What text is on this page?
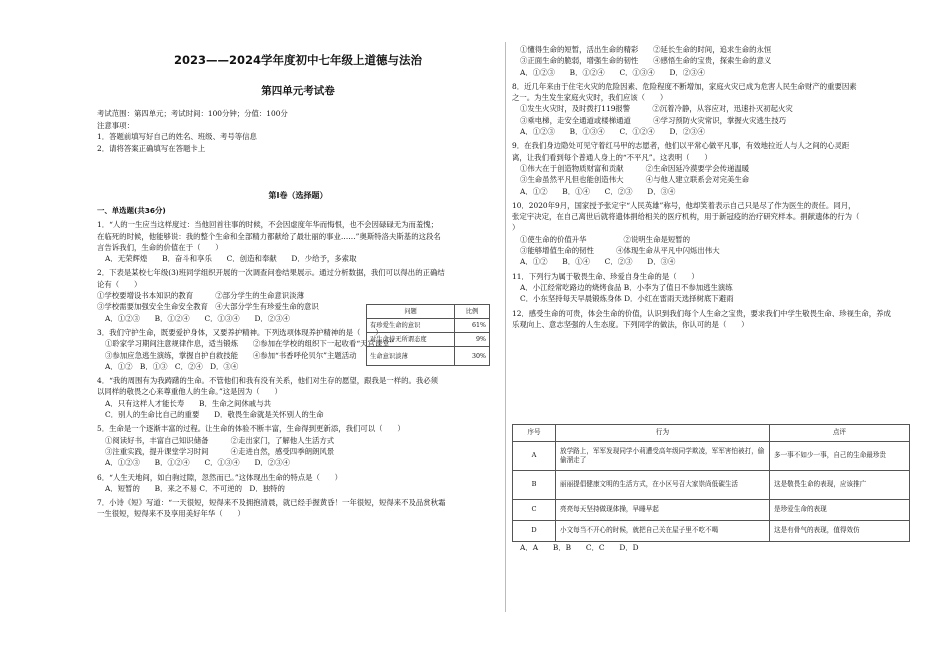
2023——2024学年度初中七年级上道德与法治
第四单元考试卷

考试范围：第四单元；考试时间：100分钟；分值：100分

注意事项：

1．答题前填写好自己的姓名、班级、考号等信息

2．请将答案正确填写在答题卡上

第I卷（选择题）

一、单选题(共36分)

1．“人的一生应当这样度过：当他回首往事的时候，不会因虚度年华而悔恨，也不会因碌碌无为而羞愧；

在临死的时候，他能够说：我的整个生命和全部精力都献给了最壮丽的事业……”奥斯特洛夫斯基的这段名

言告诉我们，生命的价值在于（　　）

A．无荣辉煌　　B．奋斗和享乐　　C．创造和奉献　　D．少给予，多索取

2．下表是某校七年级(3)班同学组织开展的一次调查问卷结果展示。通过分析数据，我们可以得出的正确结

论有（　　）

①学校要增设书本知识的教育　　　	②部分学生的生命意识淡薄

③学校需要加强安全生命安全教育　 ④大部分学生有珍爱生命的意识

A．①②③　　B．①②④　　C．①③④　　D．②③④

3．我们守护生命，既要爱护身体，又要养护精神。下列选项体现养护精神的是（　　）

①聆家学习期间注意规律作息，适当锻炼　　 ②参加在学校的组织下一起收看“天宫课堂”

③参加应急逃生演练，掌握自护自救技能　　 ④参加“书香呼伦贝尔”主题活动

A．①②　B．①③　C．②④　D．③④

4．“我的周围有为我踌躇的生命。不管他们和我有没有关系，他们对生存的愿望，跟我是一样的。我必须

以同样的敬畏之心来尊重他人的生命。”这是因为（　　）

A．只有这样人才能长寿　　B．生命之间休戚与共

C．别人的生命比自己的重要　　D．敬畏生命就是关怀别人的生命

5．生命是一个逐渐丰富的过程。让生命的体验不断丰富，生命得到更新添，我们可以（　　）

①阅读好书，丰富自己知识储备　　　	②走出家门，了解他人生活方式

③注重实践，提升课堂学习时间　　　	④走进自然，感受四季朗朗风景

A．①②③　　B．①②④　　C．①③④　　D．②③④

6．“人生天地间，如白驹过隙，忽然而已。”这体现出生命的特点是（　　）

A．短暂的　　B．来之不易 C．不可逆的　D．独特的

7．小诗《短》写道：“一天很短，短得来不及拥抱清晨，就已经手握黄昏！一年很短，短得来不及品赏秋霜

一生很短，短得来不及享用美好年华（　　）

问题	比例
有珍爱生命的意识	61%
对生命持无所谓态度	9%
生命意识淡薄	30%

①懂得生命的短暂，活出生命的精彩　　 ②延长生命的时间，追求生命的永恒

③正面生命的脆弱，增强生命的韧性　　 ④感悟生命的宝贵，探索生命的意义

A．①②③　　B．①②④　　C．①③④　　D．②③④

8．近几年来由于住宅火灾的危险因素、危险程度不断增加，家庭火灾已成为危害人民生命财产的重要因素

之一。为生发生家庭火灾时，我们应该（　　）

①发生火灾时，及时拨打119报警　　　	②沉着冷静，从容应对，迅速扑灭初起火灾

③乘电梯，走安全通道或楼梯通道　　　	④学习预防火灾常识，掌握火灾逃生技巧

A．①②③　　B．①③④　　C．①②④　　D．②③④

9．在我们身边隐处可见守着红马甲的志愿者，他们以平常心做平凡事，有效地拉近人与人之间的心灵距

离，让我们看到每个普通人身上的“不平凡”。这表明（　　）

①伟大在于创造物质财富和贡献　　　	②生命因延冷漠要学会传递温暖

③生命虽然平凡但也能创造伟大　　　	④与他人建立联系会对完美生命

A．①②　　B．①④　　C．②③　　D．③④

10．2020年9月，国家授予张定宇“人民英雄”称号，他却笑着表示自己只是尽了作为医生的责任。同月，

张定宇决定，在自己离世后就将遗体捐给相关的医疗机构，用于新冠疫的治疗研究样本。捐献遗体的行为（

）

①使生命的价值升华　　　　　	②说明生命是短暂的

③能够增值生命的韧性　　　	④体现生命从平凡中闪烁出伟大

A．①②　　B．①④　　C．②③　　D．③④

11．下列行为属于敬畏生命、珍爱自身生命的是（　　）

A．小江经常吃路边的烧烤食品 B．小李为了值日不参加逃生演练

C．小东坚持每天早晨锻炼身体 D．小红在雷雨天选择树底下避雨

12．感受生命的可贵，体会生命的价值，认识到我们每个人生命之宝贵，要求我们中学生敬畏生命、珍视生命，养成

乐观向上、意志坚强的人生态度。下列同学的做法，你认可的是（　　）

序号	行为	点评
A	放学路上，军军发现同学小莉遭受高年级同学欺凌，军军害怕被打，偷偷溜走了	多一事不如少一事，自己的生命最珍贵
B	丽丽提倡健康文明的生活方式，在小区号召大家崇尚低碳生活	这是敬畏生命的表现，应该推广
C	亮亮每天坚持做现体操，早睡早起	是珍爱生命的表现
D	小文每当不开心的时候，就把自己关在屋子里不吃不喝	这是有骨气的表现，值得效仿
A．A　　B．B　　C．C　　D．D
